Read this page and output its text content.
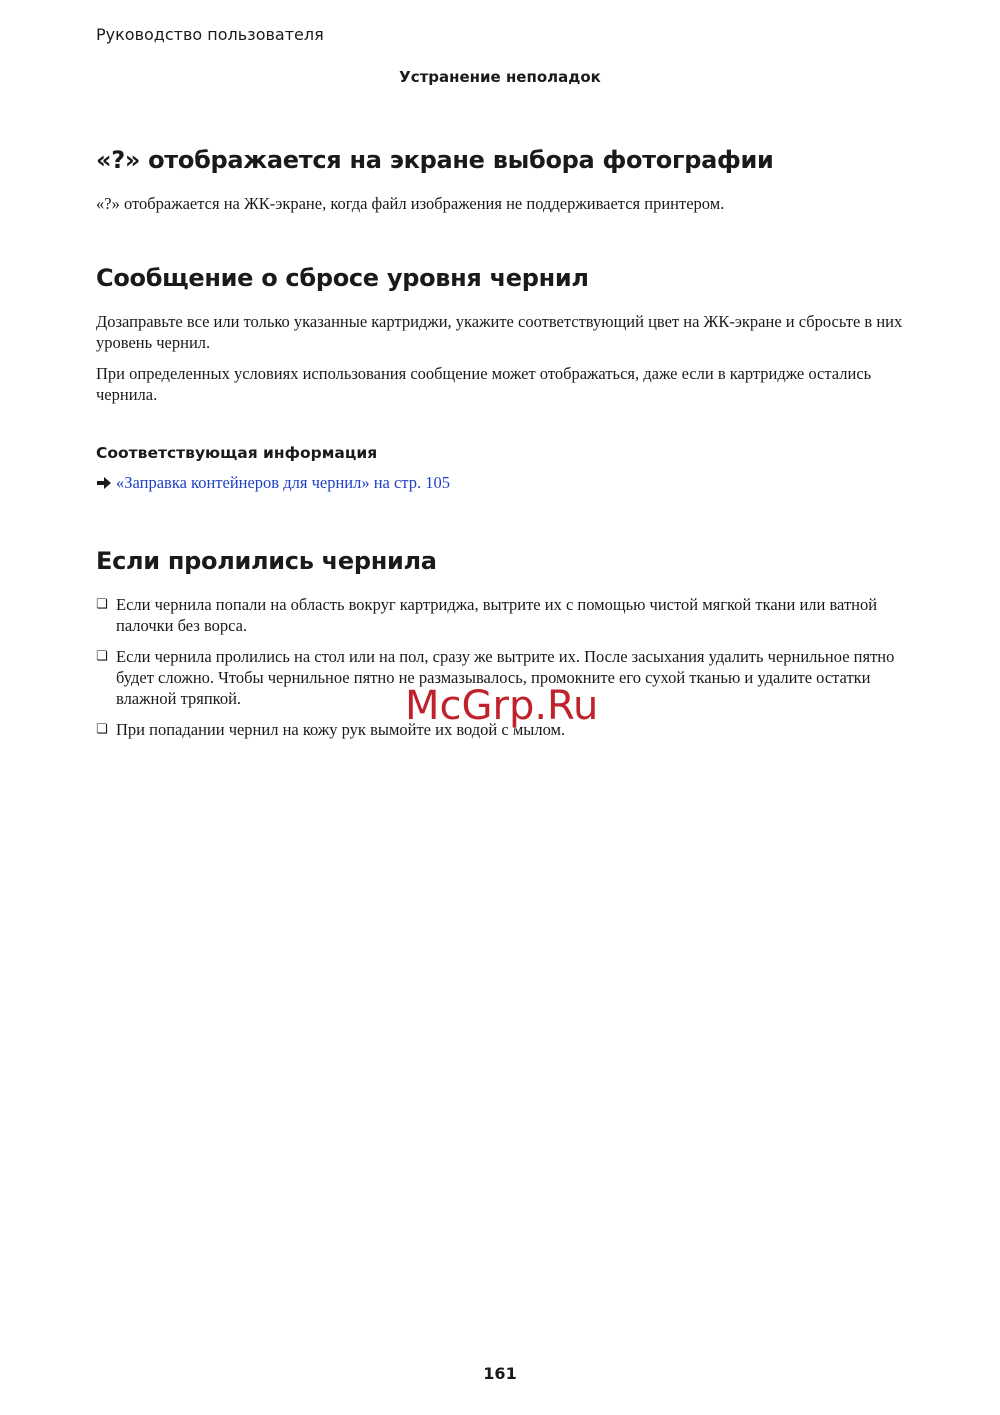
Руководство пользователя
Устранение неполадок
«?» отображается на экране выбора фотографии

«?» отображается на ЖК-экране, когда файл изображения не поддерживается принтером.

Сообщение о сбросе уровня чернил

Дозаправьте все или только указанные картриджи, укажите соответствующий цвет на ЖК-экране и сбросьте в них уровень чернил.

При определенных условиях использования сообщение может отображаться, даже если в картридже остались чернила.

Соответствующая информация
«Заправка контейнеров для чернил» на стр. 105
Если пролились чернила
❏ Если чернила попали на область вокруг картриджа, вытрите их с помощью чистой мягкой ткани или ватной палочки без ворса.
❏ Если чернила пролились на стол или на пол, сразу же вытрите их. После засыхания удалить чернильное пятно будет сложно. Чтобы чернильное пятно не размазывалось, промокните его сухой тканью и удалите остатки влажной тряпкой.
❏ При попадании чернил на кожу рук вымойте их водой с мылом.
McGrp.Ru
161
